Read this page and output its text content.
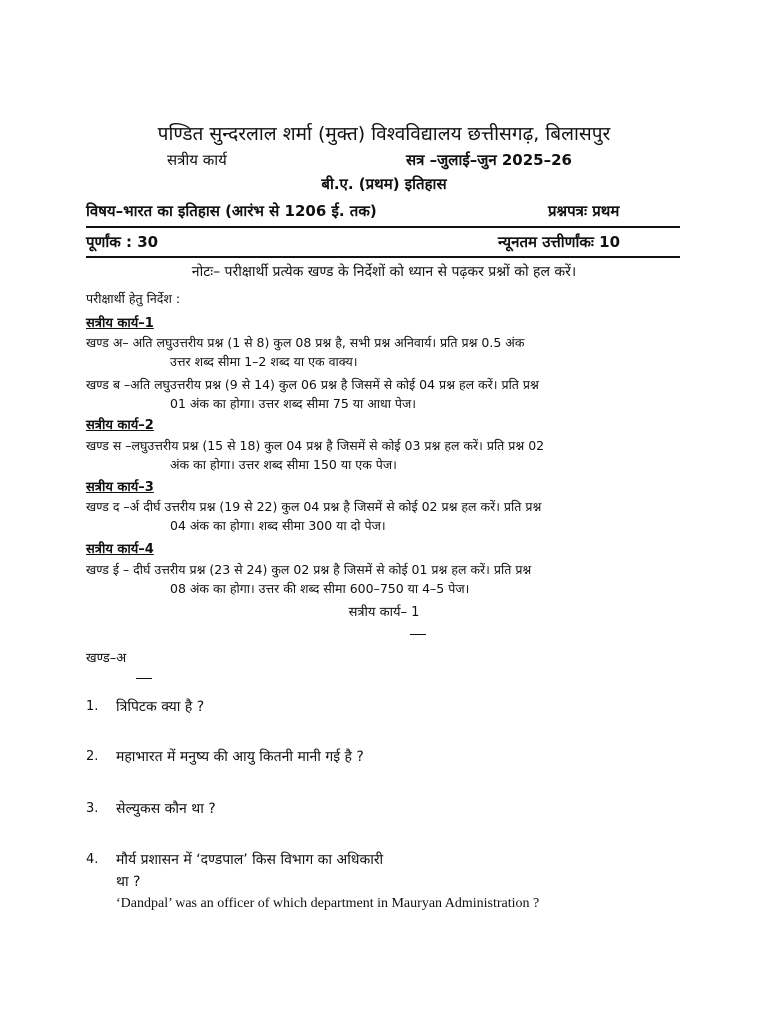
पण्डित सुन्दरलाल शर्मा (मुक्त) विश्वविद्यालय छत्तीसगढ़, बिलासपुर
सत्रीय कार्य	सत्र –जुलाई–जुन 2025–26
बी.ए. (प्रथम) इतिहास
विषय–भारत का इतिहास (आरंभ से 1206 ई. तक)	प्रश्नपत्रः प्रथम
पूर्णांक : 30	न्यूनतम उत्तीर्णांकः 10
नोटः– परीक्षार्थी प्रत्येक खण्ड के निर्देशों को ध्यान से पढ़कर प्रश्नों को हल करें।
परीक्षार्थी हेतु निर्देश :
सत्रीय कार्य–1
खण्ड अ– अति लघुउत्तरीय प्रश्न (1 से 8) कुल 08 प्रश्न है, सभी प्रश्न अनिवार्य। प्रति प्रश्न 0.5 अंक
उत्तर शब्द सीमा 1–2 शब्द या एक वाक्य।
खण्ड ब –अति लघुउत्तरीय प्रश्न (9 से 14) कुल 06 प्रश्न है जिसमें से कोई 04 प्रश्न हल करें। प्रति प्रश्न
01 अंक का होगा। उत्तर शब्द सीमा 75 या आधा पेज।
सत्रीय कार्य–2
खण्ड स –लघुउत्तरीय प्रश्न (15 से 18) कुल 04 प्रश्न है जिसमें से कोई 03 प्रश्न हल करें। प्रति प्रश्न 02
अंक का होगा। उत्तर शब्द सीमा 150 या एक पेज।
सत्रीय कार्य–3
खण्ड द –र्अ दीर्घ उत्तरीय प्रश्न (19 से 22) कुल 04 प्रश्न है जिसमें से कोई 02 प्रश्न हल करें। प्रति प्रश्न
04 अंक का होगा। शब्द सीमा 300 या दो पेज।
सत्रीय कार्य–4
खण्ड ई – दीर्घ उत्तरीय प्रश्न (23 से 24) कुल 02 प्रश्न है जिसमें से कोई 01 प्रश्न हल करें। प्रति प्रश्न
08 अंक का होगा। उत्तर की शब्द सीमा 600–750 या 4–5 पेज।
सत्रीय कार्य– 1
खण्ड–अ
1. त्रिपिटक क्या है ?
2. महाभारत में मनुष्य की आयु कितनी मानी गई है ?
3. सेल्युकस कौन था ?
4. मौर्य प्रशासन में ‘दण्डपाल’ किस विभाग का अधिकारी
था ?
‘Dandpal’ was an officer of which department in Mauryan Administration ?
